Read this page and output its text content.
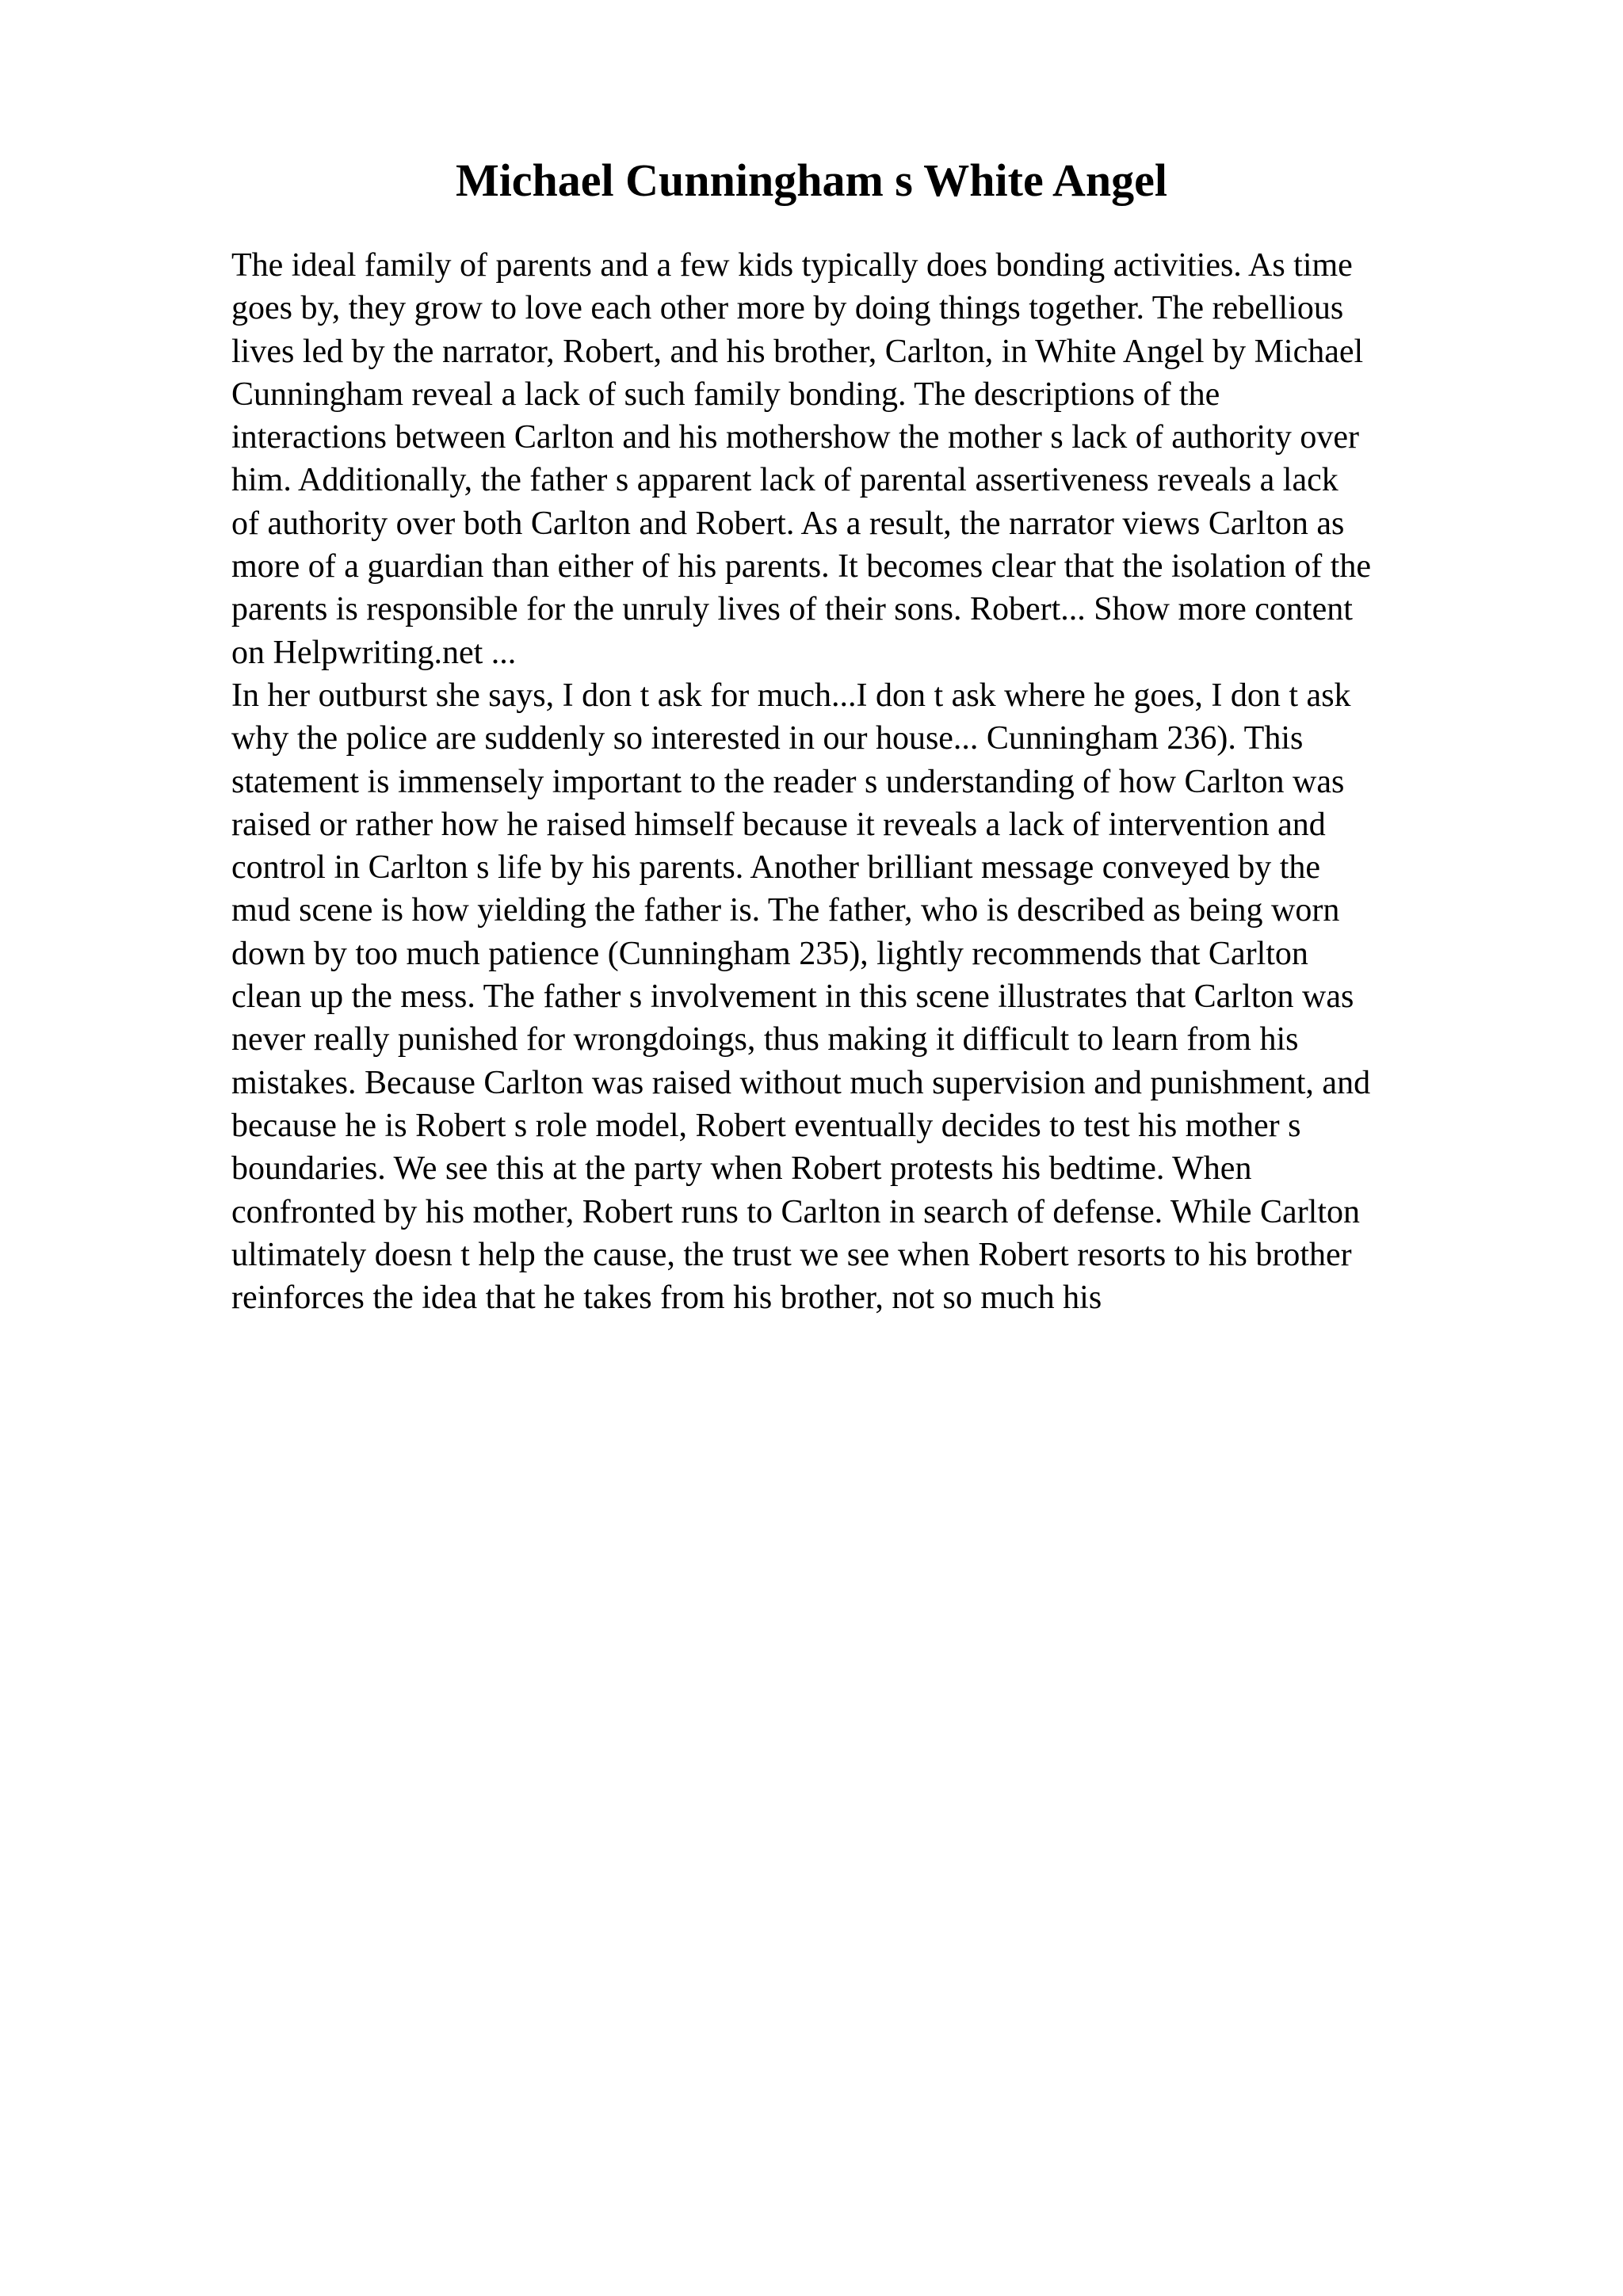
Michael Cunningham s White Angel
The ideal family of parents and a few kids typically does bonding activities. As time
goes by, they grow to love each other more by doing things together. The rebellious
lives led by the narrator, Robert, and his brother, Carlton, in White Angel by Michael
Cunningham reveal a lack of such family bonding. The descriptions of the
interactions between Carlton and his mothershow the mother s lack of authority over
him. Additionally, the father s apparent lack of parental assertiveness reveals a lack
of authority over both Carlton and Robert. As a result, the narrator views Carlton as
more of a guardian than either of his parents. It becomes clear that the isolation of the
parents is responsible for the unruly lives of their sons. Robert... Show more content
on Helpwriting.net ...
In her outburst she says, I don t ask for much...I don t ask where he goes, I don t ask
why the police are suddenly so interested in our house... Cunningham 236). This
statement is immensely important to the reader s understanding of how Carlton was
raised or rather how he raised himself because it reveals a lack of intervention and
control in Carlton s life by his parents. Another brilliant message conveyed by the
mud scene is how yielding the father is. The father, who is described as being worn
down by too much patience (Cunningham 235), lightly recommends that Carlton
clean up the mess. The father s involvement in this scene illustrates that Carlton was
never really punished for wrongdoings, thus making it difficult to learn from his
mistakes. Because Carlton was raised without much supervision and punishment, and
because he is Robert s role model, Robert eventually decides to test his mother s
boundaries. We see this at the party when Robert protests his bedtime. When
confronted by his mother, Robert runs to Carlton in search of defense. While Carlton
ultimately doesn t help the cause, the trust we see when Robert resorts to his brother
reinforces the idea that he takes from his brother, not so much his
